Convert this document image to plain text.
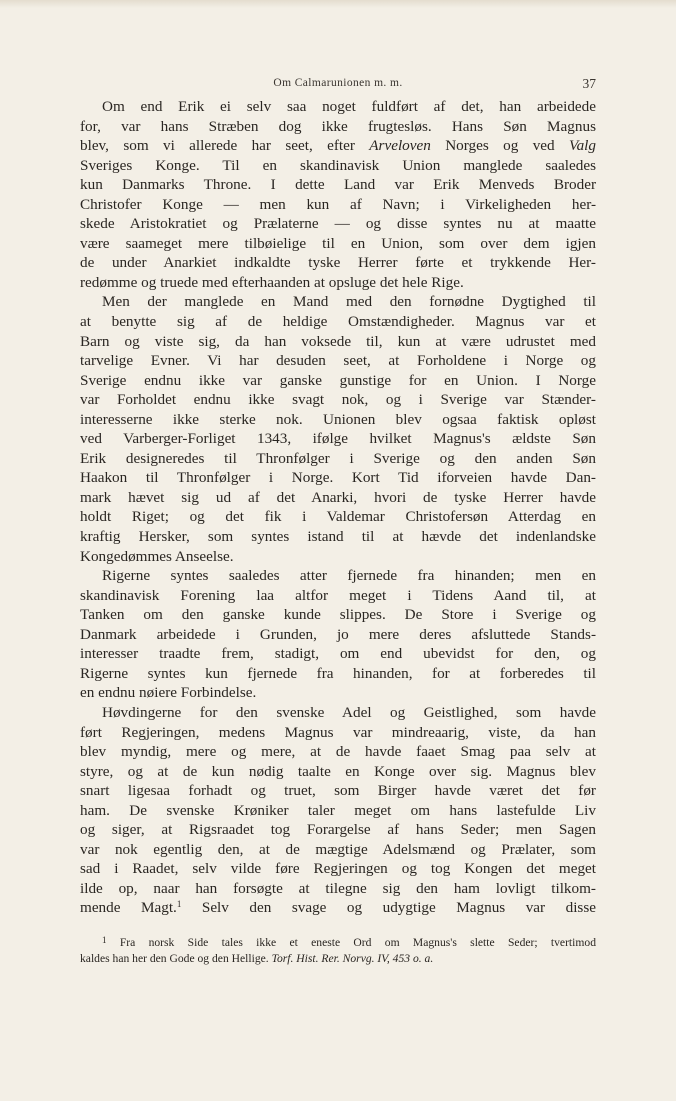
Om Calmarunionen m. m.	37
Om end Erik ei selv saa noget fuldført af det, han arbeidede
for, var hans Stræben dog ikke frugtesløs. Hans Søn Magnus
blev, som vi allerede har seet, efter Arveloven Norges og ved Valg
Sveriges Konge. Til en skandinavisk Union manglede saaledes
kun Danmarks Throne. I dette Land var Erik Menveds Broder
Christofer Konge — men kun af Navn; i Virkeligheden her-
skede Aristokratiet og Prælaterne — og disse syntes nu at maatte
være saameget mere tilbøielige til en Union, som over dem igjen
de under Anarkiet indkaldte tyske Herrer førte et trykkende Her-
redømme og truede med efterhaanden at opsluge det hele Rige.
Men der manglede en Mand med den fornødne Dygtighed til
at benytte sig af de heldige Omstændigheder. Magnus var et
Barn og viste sig, da han voksede til, kun at være udrustet med
tarvelige Evner. Vi har desuden seet, at Forholdene i Norge og
Sverige endnu ikke var ganske gunstige for en Union. I Norge
var Forholdet endnu ikke svagt nok, og i Sverige var Stænder-
interesserne ikke sterke nok. Unionen blev ogsaa faktisk opløst
ved Varberger-Forliget 1343, ifølge hvilket Magnus's ældste Søn
Erik designeredes til Thronfølger i Sverige og den anden Søn
Haakon til Thronfølger i Norge. Kort Tid iforveien havde Dan-
mark hævet sig ud af det Anarki, hvori de tyske Herrer havde
holdt Riget; og det fik i Valdemar Christofersøn Atterdag en
kraftig Hersker, som syntes istand til at hævde det indenlandske
Kongedømmes Anseelse.
Rigerne syntes saaledes atter fjernede fra hinanden; men en
skandinavisk Forening laa altfor meget i Tidens Aand til, at
Tanken om den ganske kunde slippes. De Store i Sverige og
Danmark arbeidede i Grunden, jo mere deres afsluttede Stands-
interesser traadte frem, stadigt, om end ubevidst for den, og
Rigerne syntes kun fjernede fra hinanden, for at forberedes til
en endnu nøiere Forbindelse.
Høvdingerne for den svenske Adel og Geistlighed, som havde
ført Regjeringen, medens Magnus var mindreaarig, viste, da han
blev myndig, mere og mere, at de havde faaet Smag paa selv at
styre, og at de kun nødig taalte en Konge over sig. Magnus blev
snart ligesaa forhadt og truet, som Birger havde været det før
ham. De svenske Krøniker taler meget om hans lastefulde Liv
og siger, at Rigsraadet tog Forargelse af hans Seder; men Sagen
var nok egentlig den, at de mægtige Adelsmænd og Prælater, som
sad i Raadet, selv vilde føre Regjeringen og tog Kongen det meget
ilde op, naar han forsøgte at tilegne sig den ham lovligt tilkom-
mende Magt.$^1$ Selv den svage og udygtige Magnus var disse
$^1$ Fra norsk Side tales ikke et eneste Ord om Magnus's slette Seder; tvertimod
kaldes han her den Gode og den Hellige. Torf. Hist. Rer. Norvg. IV, 453 o. a.
